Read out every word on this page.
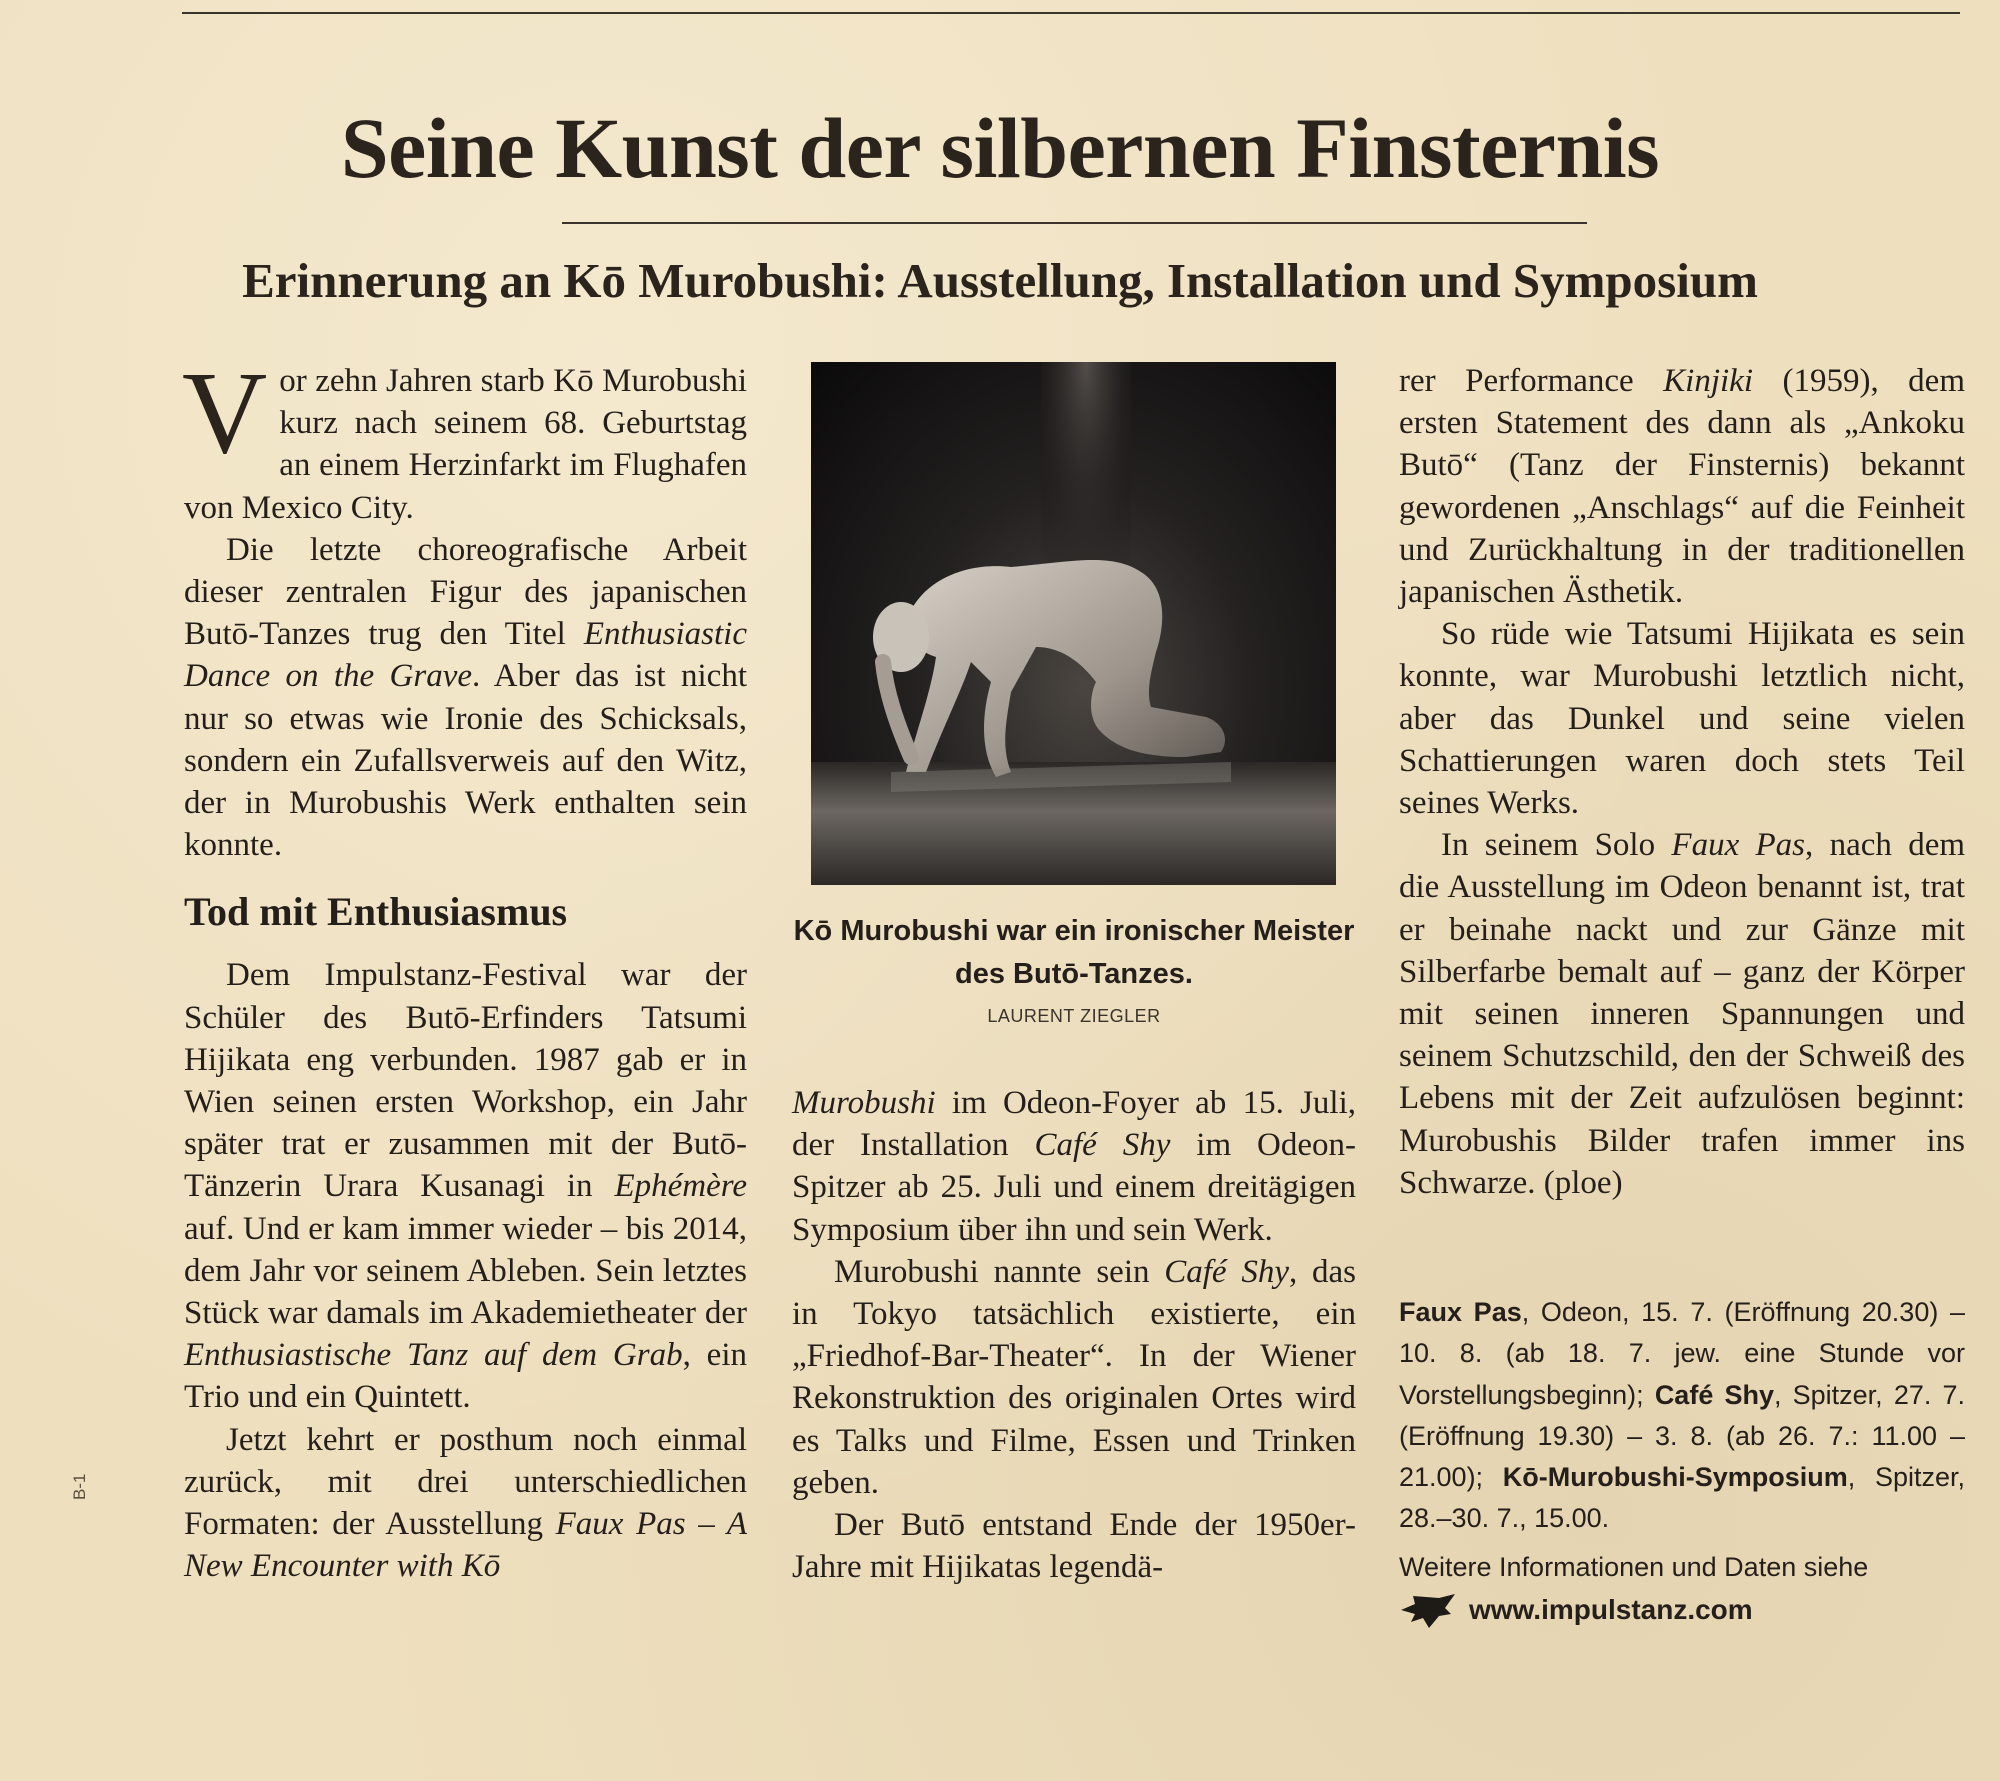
Seine Kunst der silbernen Finsternis
Erinnerung an Kō Murobushi: Ausstellung, Installation und Symposium

Vor zehn Jahren starb Kō Murobushi kurz nach seinem 68. Geburtstag an einem Herzinfarkt im Flughafen von Mexico City.

Die letzte choreografische Arbeit dieser zentralen Figur des japanischen Butō-Tanzes trug den Titel Enthusiastic Dance on the Grave. Aber das ist nicht nur so etwas wie Ironie des Schicksals, sondern ein Zufallsverweis auf den Witz, der in Murobushis Werk enthalten sein konnte.

Tod mit Enthusiasmus

Dem Impulstanz-Festival war der Schüler des Butō-Erfinders Tatsumi Hijikata eng verbunden. 1987 gab er in Wien seinen ersten Workshop, ein Jahr später trat er zusammen mit der Butō-Tänzerin Urara Kusanagi in Ephémère auf. Und er kam immer wieder – bis 2014, dem Jahr vor seinem Ableben. Sein letztes Stück war damals im Akademietheater der Enthusiastische Tanz auf dem Grab, ein Trio und ein Quintett.

Jetzt kehrt er posthum noch einmal zurück, mit drei unterschiedlichen Formaten: der Ausstellung Faux Pas – A New Encounter with Kō

Kō Murobushi war ein ironischer Meister des Butō-Tanzes.
LAURENT ZIEGLER

Murobushi im Odeon-Foyer ab 15. Juli, der Installation Café Shy im Odeon-Spitzer ab 25. Juli und einem dreitägigen Symposium über ihn und sein Werk.

Murobushi nannte sein Café Shy, das in Tokyo tatsächlich existierte, ein „Friedhof-Bar-Theater“. In der Wiener Rekonstruktion des originalen Ortes wird es Talks und Filme, Essen und Trinken geben.

Der Butō entstand Ende der 1950er-Jahre mit Hijikatas legendä-

rer Performance Kinjiki (1959), dem ersten Statement des dann als „Ankoku Butō“ (Tanz der Finsternis) bekannt gewordenen „Anschlags“ auf die Feinheit und Zurückhaltung in der traditionellen japanischen Ästhetik.

So rüde wie Tatsumi Hijikata es sein konnte, war Murobushi letztlich nicht, aber das Dunkel und seine vielen Schattierungen waren doch stets Teil seines Werks.

In seinem Solo Faux Pas, nach dem die Ausstellung im Odeon benannt ist, trat er beinahe nackt und zur Gänze mit Silberfarbe bemalt auf – ganz der Körper mit seinen inneren Spannungen und seinem Schutzschild, den der Schweiß des Lebens mit der Zeit aufzulösen beginnt: Murobushis Bilder trafen immer ins Schwarze. (ploe)

Faux Pas, Odeon, 15. 7. (Eröffnung 20.30) – 10. 8. (ab 18. 7. jew. eine Stunde vor Vorstellungsbeginn); Café Shy, Spitzer, 27. 7. (Eröffnung 19.30) – 3. 8. (ab 26. 7.: 11.00 –21.00); Kō-Murobushi-Symposium, Spitzer, 28.–30. 7., 15.00.
Weitere Informationen und Daten siehe
www.impulstanz.com
B-1
